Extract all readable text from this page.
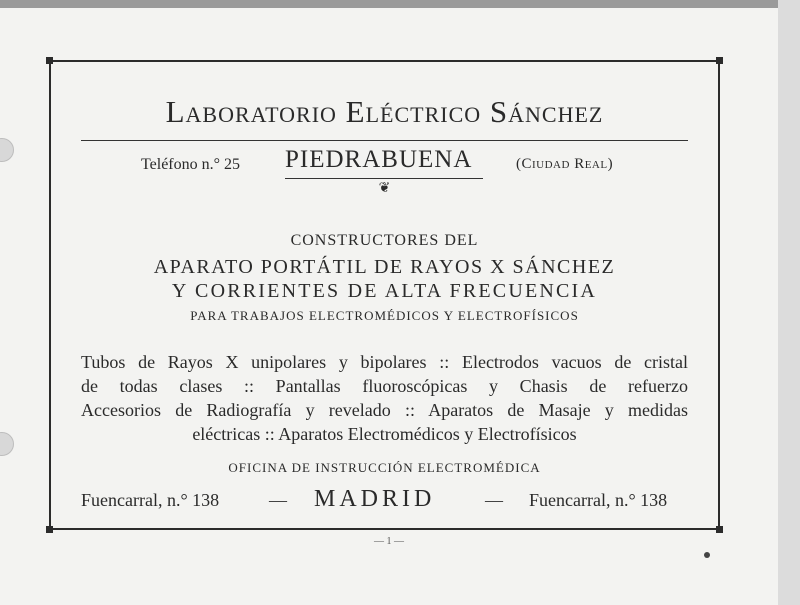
Laboratorio Eléctrico Sánchez
Teléfono n.° 25 PIEDRABUENA	(Ciudad Real)
❦
CONSTRUCTORES DEL
APARATO PORTÁTIL DE RAYOS X SÁNCHEZ
Y CORRIENTES DE ALTA FRECUENCIA
PARA TRABAJOS ELECTROMÉDICOS Y ELECTROFÍSICOS
Tubos de Rayos X unipolares y bipolares :: Electrodos vacuos de cristal
de todas clases :: Pantallas fluoroscópicas y Chasis de refuerzo
Accesorios de Radiografía y revelado :: Aparatos de Masaje y medidas
eléctricas :: Aparatos Electromédicos y Electrofísicos
OFICINA DE INSTRUCCIÓN ELECTROMÉDICA
Fuencarral, n.° 138	— MADRID	— Fuencarral, n.° 138
— 1 —
